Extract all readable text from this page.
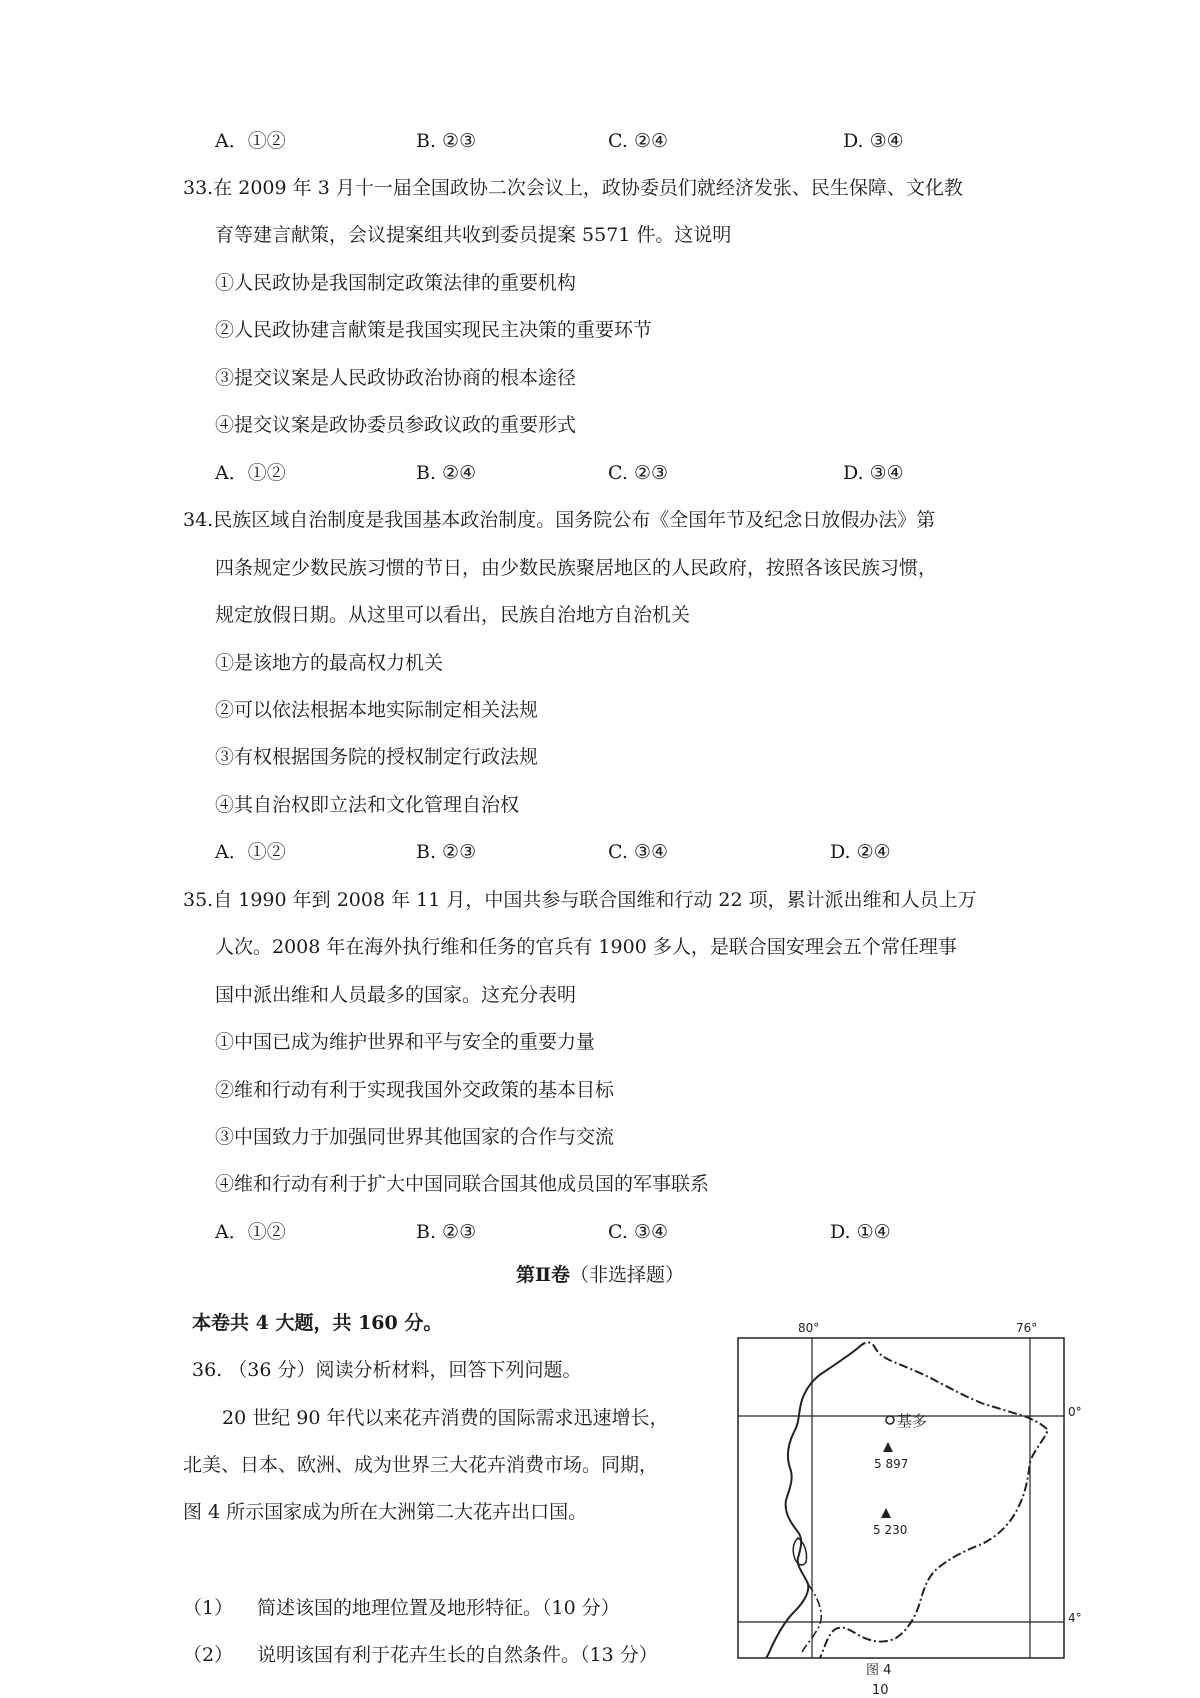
A．①②	B. ②③	C. ②④	D. ③④
33.在 2009 年 3 月十一届全国政协二次会议上，政协委员们就经济发张、民生保障、文化教
育等建言献策，会议提案组共收到委员提案 5571 件。这说明
①人民政协是我国制定政策法律的重要机构
②人民政协建言献策是我国实现民主决策的重要环节
③提交议案是人民政协政治协商的根本途径
④提交议案是政协委员参政议政的重要形式
A．①②	B. ②④	C. ②③	D. ③④
34.民族区域自治制度是我国基本政治制度。国务院公布《全国年节及纪念日放假办法》第
四条规定少数民族习惯的节日，由少数民族聚居地区的人民政府，按照各该民族习惯，
规定放假日期。从这里可以看出，民族自治地方自治机关
①是该地方的最高权力机关
②可以依法根据本地实际制定相关法规
③有权根据国务院的授权制定行政法规
④其自治权即立法和文化管理自治权
A．①②	B. ②③	C. ③④	D. ②④
35.自 1990 年到 2008 年 11 月，中国共参与联合国维和行动 22 项，累计派出维和人员上万
人次。2008 年在海外执行维和任务的官兵有 1900 多人，是联合国安理会五个常任理事
国中派出维和人员最多的国家。这充分表明
①中国已成为维护世界和平与安全的重要力量
②维和行动有利于实现我国外交政策的基本目标
③中国致力于加强同世界其他国家的合作与交流
④维和行动有利于扩大中国同联合国其他成员国的军事联系
A．①②	B. ②③	C. ③④	D. ①④
第Ⅱ卷（非选择题）
本卷共 4 大题，共 160 分。
36. （36 分）阅读分析材料，回答下列问题。
20 世纪 90 年代以来花卉消费的国际需求迅速增长，
北美、日本、欧洲、成为世界三大花卉消费市场。同期，
图 4 所示国家成为所在大洲第二大花卉出口国。
（1） 简述该国的地理位置及地形特征。（10 分）
（2） 说明该国有利于花卉生长的自然条件。（13 分）
80°	76°
0°
4°
基多
5 897
5 230
图 4
10
